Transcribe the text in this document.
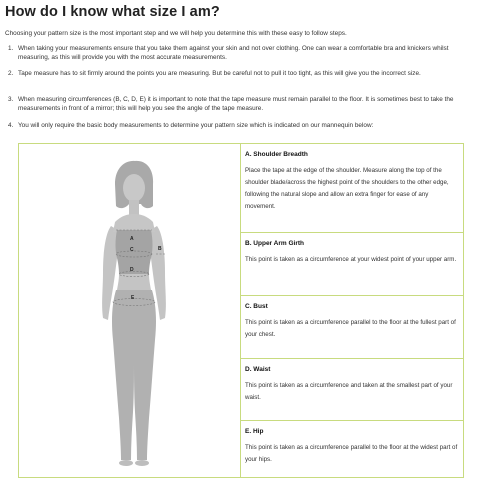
How do I know what size I am?
Choosing your pattern size is the most important step and we will help you determine this with these easy to follow steps.
1. When taking your measurements ensure that you take them against your skin and not over clothing. One can wear a comfortable bra and knickers whilst measuring, as this will provide you with the most accurate measurements.
2. Tape measure has to sit firmly around the points you are measuring. But be careful not to pull it too tight, as this will give you the incorrect size.
3. When measuring circumferences (B, C, D, E) it is important to note that the tape measure must remain parallel to the floor. It is sometimes best to take the measurements in front of a mirror; this will help you see the angle of the tape measure.
4. You will only require the basic body measurements to determine your pattern size which is indicated on our mannequin below:
A
B
C
D
E
A. Shoulder Breadth
Place the tape at the edge of the shoulder. Measure along the top of the shoulder blade/across the highest point of the shoulders to the other edge, following the natural slope and allow an extra finger for ease of any movement.
B. Upper Arm Girth
This point is taken as a circumference at your widest point of your upper arm.
C. Bust
This point is taken as a circumference parallel to the floor at the fullest part of your chest.
D. Waist
This point is taken as a circumference and taken at the smallest part of your waist.
E. Hip
This point is taken as a circumference parallel to the floor at the widest part of your hips.
